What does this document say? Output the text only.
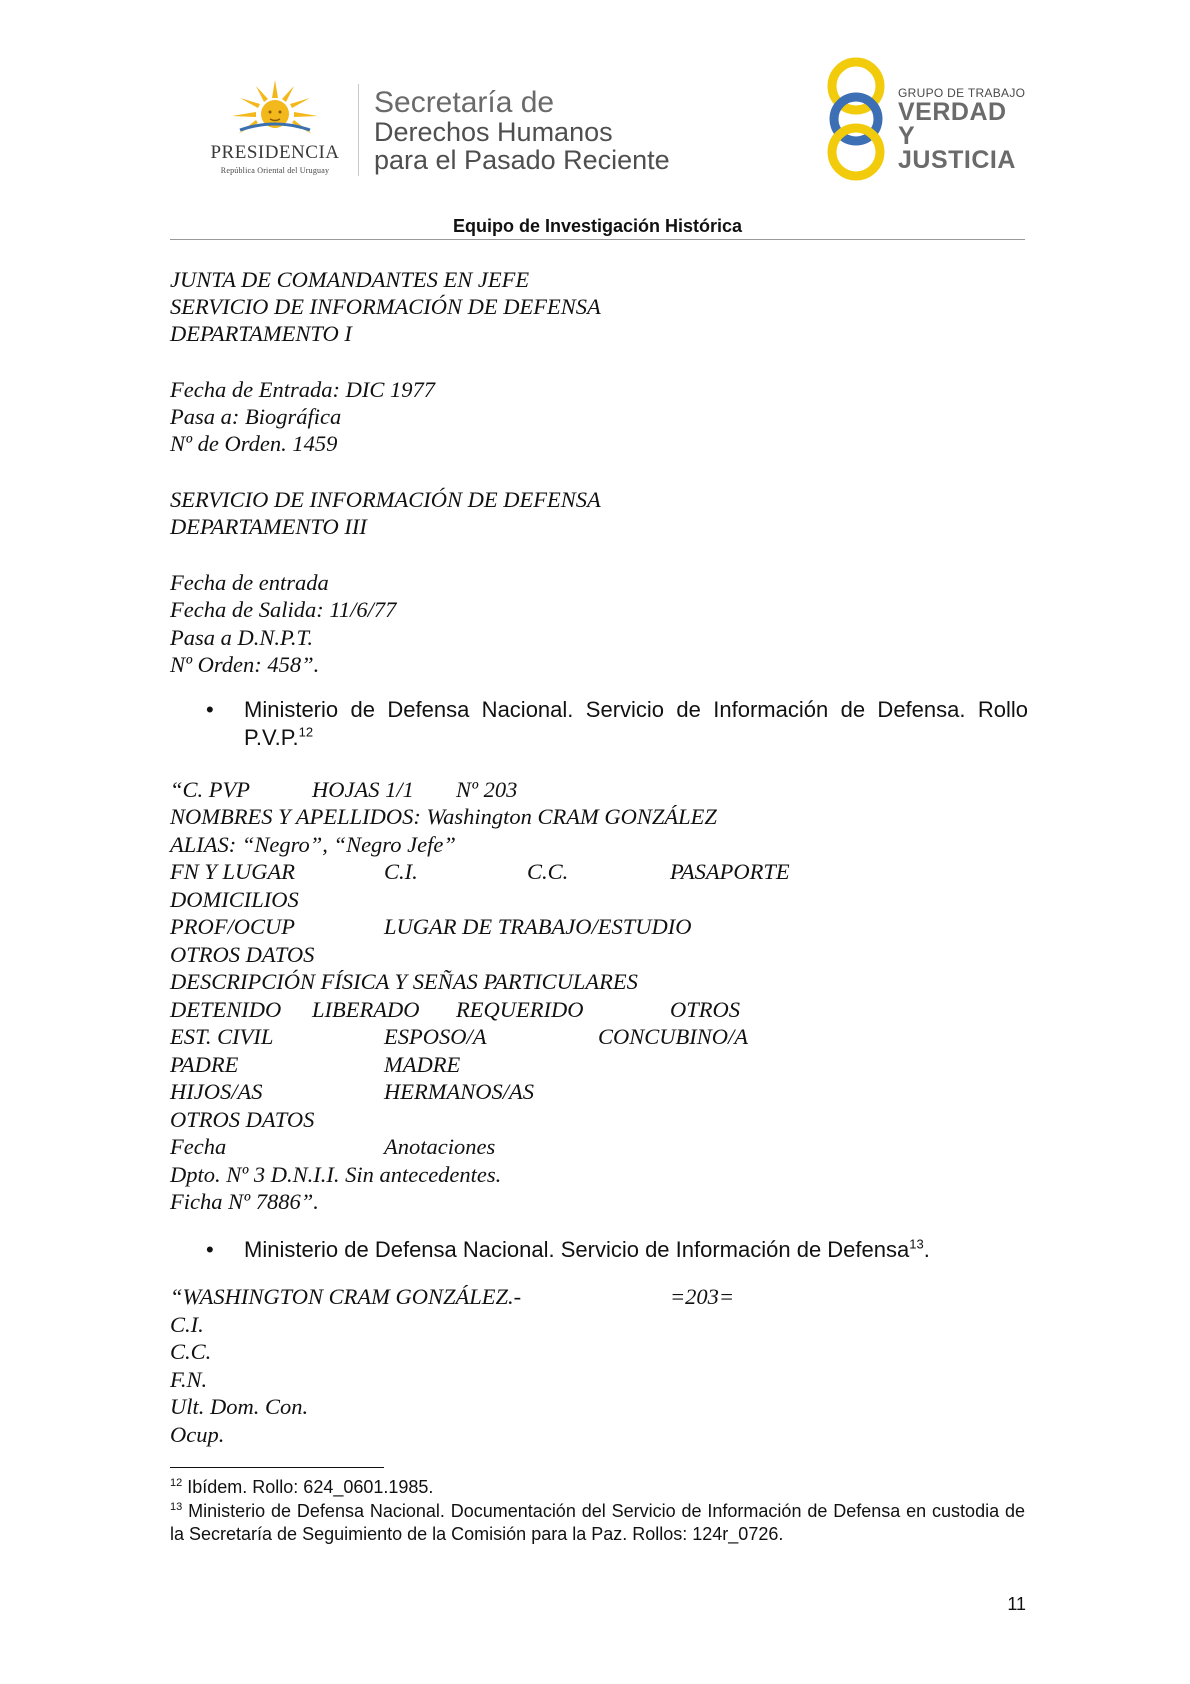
PRESIDENCIA
República Oriental del Uruguay
Secretaría de
Derechos Humanos
para el Pasado Reciente
GRUPO DE TRABAJO
VERDAD Y
JUSTICIA
Equipo de Investigación Histórica
JUNTA DE COMANDANTES EN JEFE
SERVICIO DE INFORMACIÓN DE DEFENSA
DEPARTAMENTO I
Fecha de Entrada: DIC 1977
Pasa a: Biográfica
Nº de Orden. 1459
SERVICIO DE INFORMACIÓN DE DEFENSA
DEPARTAMENTO III
Fecha de entrada
Fecha de Salida: 11/6/77
Pasa a D.N.P.T.
Nº Orden: 458”.
• Ministerio de Defensa Nacional. Servicio de Información de Defensa. Rollo P.V.P.$^{12}$
“C. PVP	HOJAS 1/1 Nº 203
NOMBRES Y APELLIDOS: Washington CRAM GONZÁLEZ
ALIAS: “Negro”, “Negro Jefe”
FN Y LUGAR	C.I.	C.C.	PASAPORTE
DOMICILIOS
PROF/OCUP	LUGAR DE TRABAJO/ESTUDIO
OTROS DATOS
DESCRIPCIÓN FÍSICA Y SEÑAS PARTICULARES
DETENIDO LIBERADO REQUERIDO	OTROS
EST. CIVIL	ESPOSO/A	CONCUBINO/A
PADRE	MADRE
HIJOS/AS	HERMANOS/AS
OTROS DATOS
Fecha	Anotaciones
Dpto. Nº 3 D.N.I.I. Sin antecedentes.
Ficha Nº 7886”.
• Ministerio de Defensa Nacional. Servicio de Información de Defensa$^{13}$.
“WASHINGTON CRAM GONZÁLEZ.-	=203=
C.I.
C.C.
F.N.
Ult. Dom. Con.
Ocup.
$^{12}$ Ibídem. Rollo: 624_0601.1985.
$^{13}$ Ministerio de Defensa Nacional. Documentación del Servicio de Información de Defensa en custodia de la Secretaría de Seguimiento de la Comisión para la Paz. Rollos: 124r_0726.
11
